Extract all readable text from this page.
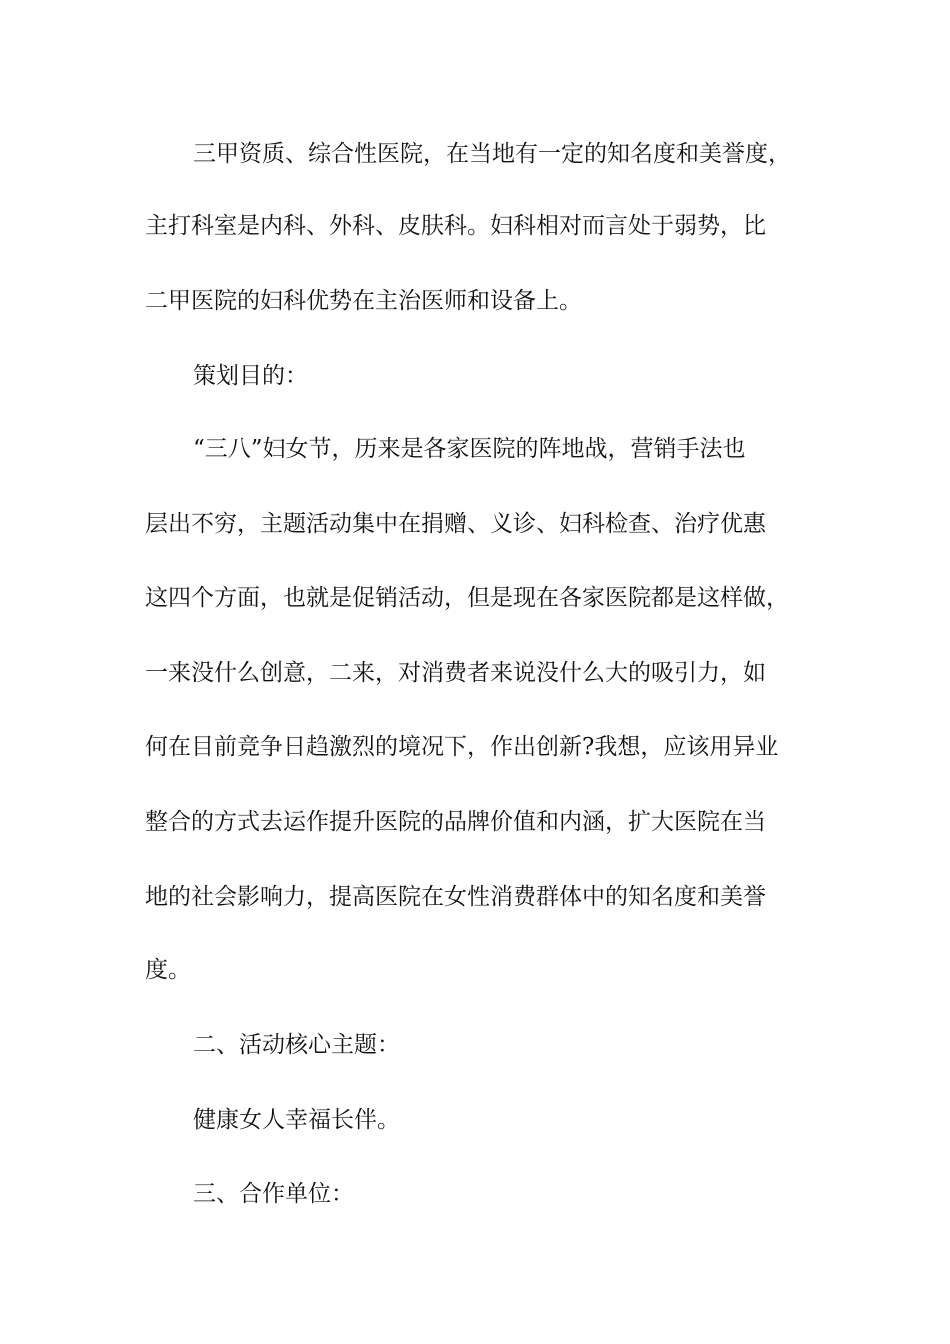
三甲资质、综合性医院，在当地有一定的知名度和美誉度，
主打科室是内科、外科、皮肤科。妇科相对而言处于弱势，比
二甲医院的妇科优势在主治医师和设备上。
策划目的：
“三八”妇女节，历来是各家医院的阵地战，营销手法也
层出不穷，主题活动集中在捐赠、义诊、妇科检查、治疗优惠
这四个方面，也就是促销活动，但是现在各家医院都是这样做，
一来没什么创意，二来，对消费者来说没什么大的吸引力，如
何在目前竞争日趋激烈的境况下，作出创新?我想，应该用异业
整合的方式去运作提升医院的品牌价值和内涵，扩大医院在当
地的社会影响力，提高医院在女性消费群体中的知名度和美誉
度。
二、活动核心主题：
健康女人幸福长伴。
三、合作单位：
